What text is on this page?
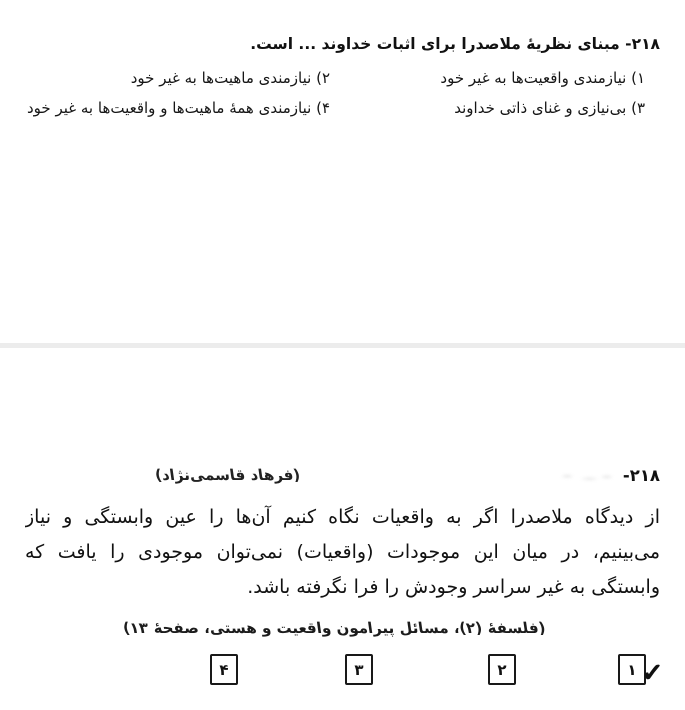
۲۱۸- مبنای نظریهٔ ملاصدرا برای اثبات خداوند ... است.
۱) نیازمندی واقعیت‌ها به غیر خود
۲) نیازمندی ماهیت‌ها به غیر خود
۳) بی‌نیازی و غنای ذاتی خداوند
۴) نیازمندی همهٔ ماهیت‌ها و واقعیت‌ها به غیر خود
۲۱۸-
(فرهاد قاسمی‌نژاد)
از دیدگاه ملاصدرا اگر به واقعیات نگاه کنیم آن‌ها را عین وابستگی و نیاز
می‌بینیم، در میان این موجودات (واقعیات) نمی‌توان موجودی را یافت که
وابستگی به غیر سراسر وجودش را فرا نگرفته باشد.
(فلسفهٔ (۲)، مسائل پیرامون واقعیت و هستی، صفحهٔ ۱۳)
۱
۲
۳
۴	✓
